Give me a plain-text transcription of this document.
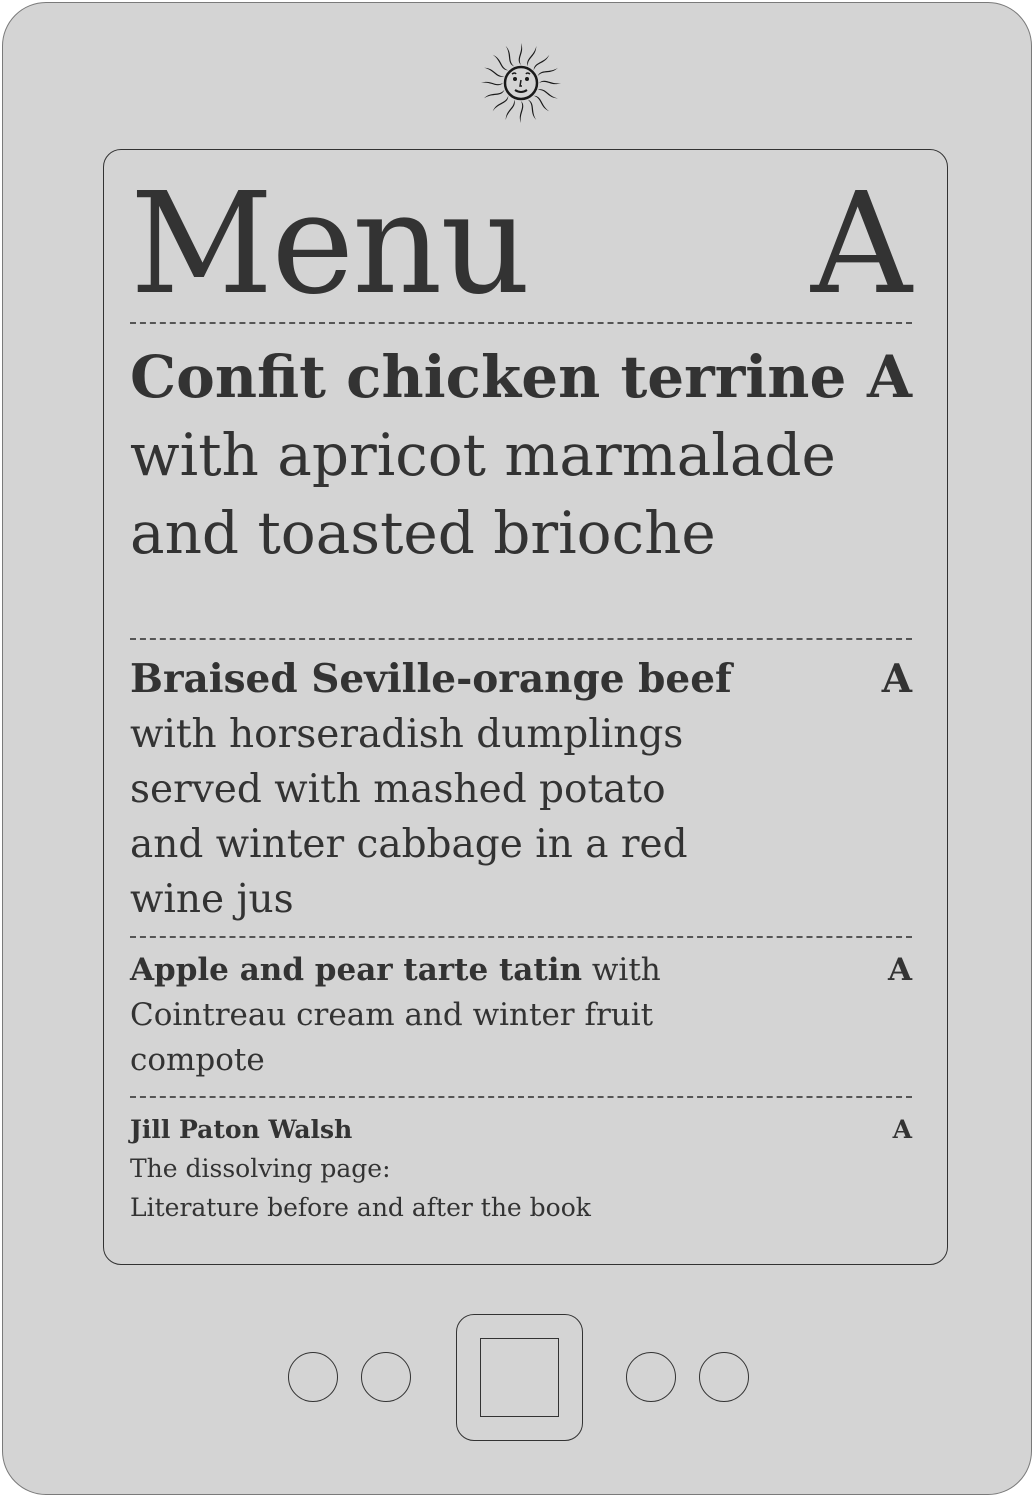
Menu A
Confit chicken terrine with apricot marmalade and toasted brioche
A
Braised Seville-orange beef with horseradish dumplings served with mashed potato and winter cabbage in a red wine jus
A
Apple and pear tarte tatin with Cointreau cream and winter fruit compote
A
Jill Paton Walsh
The dissolving page:
Literature before and after the book
A
